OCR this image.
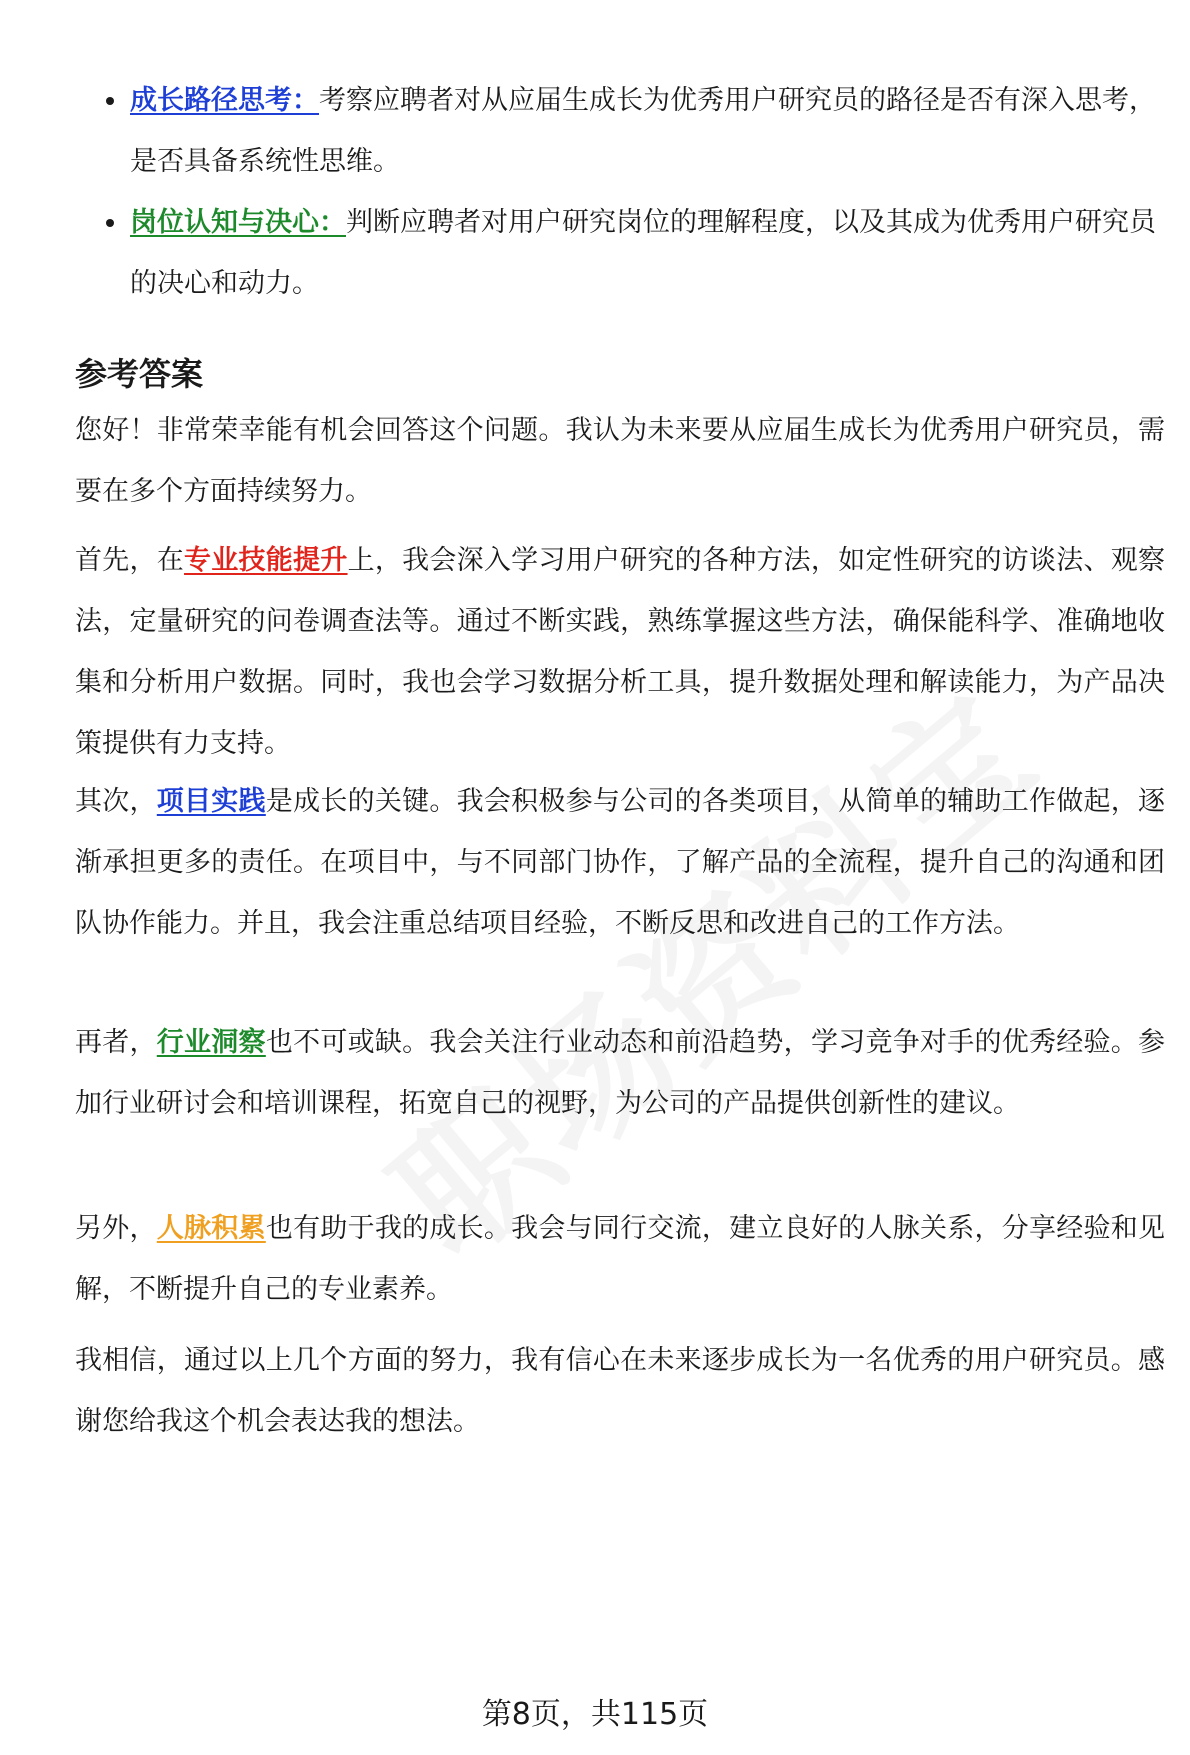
成长路径思考：考察应聘者对从应届生成长为优秀用户研究员的路径是否有深入思考，是否具备系统性思维。
岗位认知与决心：判断应聘者对用户研究岗位的理解程度，以及其成为优秀用户研究员的决心和动力。
参考答案

您好！非常荣幸能有机会回答这个问题。我认为未来要从应届生成长为优秀用户研究员，需要在多个方面持续努力。

首先，在专业技能提升上，我会深入学习用户研究的各种方法，如定性研究的访谈法、观察法，定量研究的问卷调查法等。通过不断实践，熟练掌握这些方法，确保能科学、准确地收集和分析用户数据。同时，我也会学习数据分析工具，提升数据处理和解读能力，为产品决策提供有力支持。

其次，项目实践是成长的关键。我会积极参与公司的各类项目，从简单的辅助工作做起，逐渐承担更多的责任。在项目中，与不同部门协作，了解产品的全流程，提升自己的沟通和团队协作能力。并且，我会注重总结项目经验，不断反思和改进自己的工作方法。

再者，行业洞察也不可或缺。我会关注行业动态和前沿趋势，学习竞争对手的优秀经验。参加行业研讨会和培训课程，拓宽自己的视野，为公司的产品提供创新性的建议。

另外，人脉积累也有助于我的成长。我会与同行交流，建立良好的人脉关系，分享经验和见解，不断提升自己的专业素养。

我相信，通过以上几个方面的努力，我有信心在未来逐步成长为一名优秀的用户研究员。感谢您给我这个机会表达我的想法。

第8页，共115页
